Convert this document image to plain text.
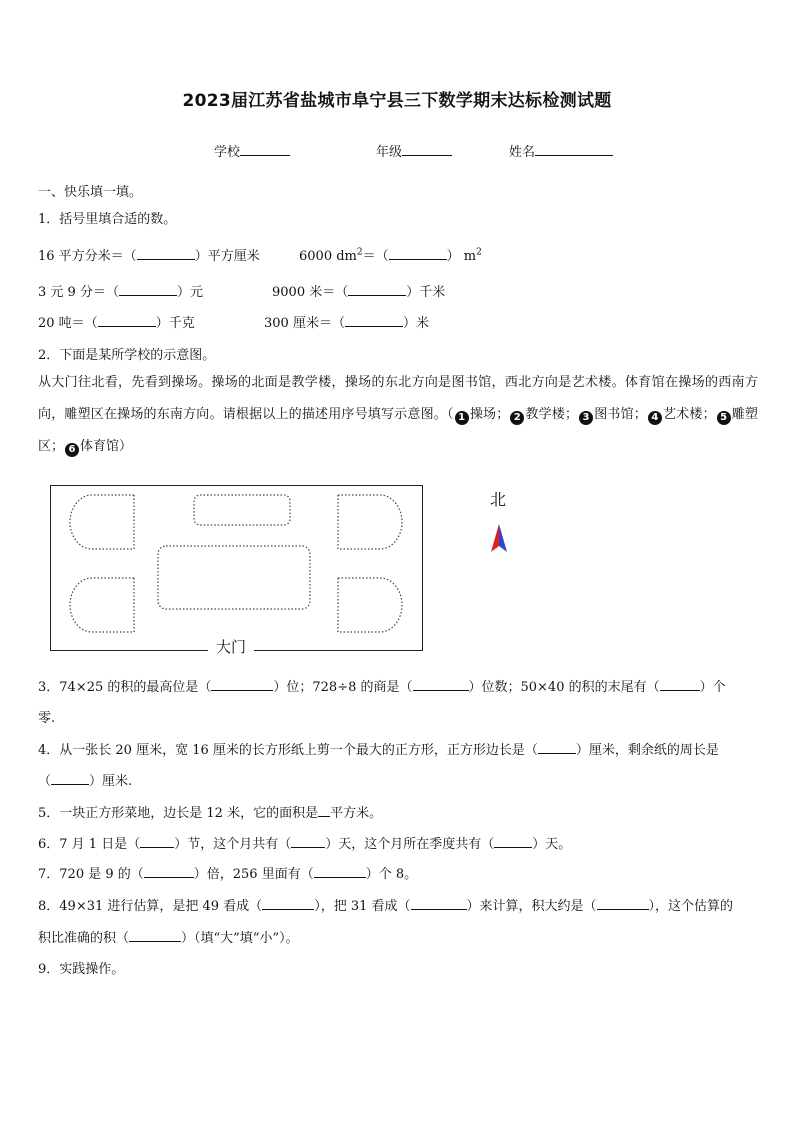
2023届江苏省盐城市阜宁县三下数学期末达标检测试题
学校	年级	姓名
一、快乐填一填。
1．括号里填合适的数。
16 平方分米＝（	）平方厘米	6000 $dm^2=$（	） $m^2$
3 元 9 分＝（	）元	9000 米＝（	）千米
20 吨＝（	）千克	300 厘米＝（	）米
2．下面是某所学校的示意图。
从大门往北看，先看到操场。操场的北面是教学楼，操场的东北方向是图书馆，西北方向是艺术楼。体育馆在操场的西南方向，雕塑区在操场的东南方向。请根据以上的描述用序号填写示意图。（ 1 操场； 2 教学楼； 3 图书馆； 4 艺术楼； 5 雕塑区； 6 体育馆）
大门
北
3．74×25 的积的最高位是（	）位；728÷8 的商是（	）位数；50×40 的积的末尾有（	）个
零.
4．从一张长 20 厘米，宽 16 厘米的长方形纸上剪一个最大的正方形，正方形边长是（	）厘米，剩余纸的周长是
（	）厘米.
5．一块正方形菜地，边长是 12 米，它的面积是 平方米。
6．7 月 1 日是（	）节，这个月共有（	）天，这个月所在季度共有（	）天。
7．720 是 9 的（	）倍，256 里面有（	）个 8。
8．49×31 进行估算，是把 49 看成（	），把 31 看成（	）来计算，积大约是（	），这个估算的
积比准确的积（	）（填“大”填“小”）。
9．实践操作。
